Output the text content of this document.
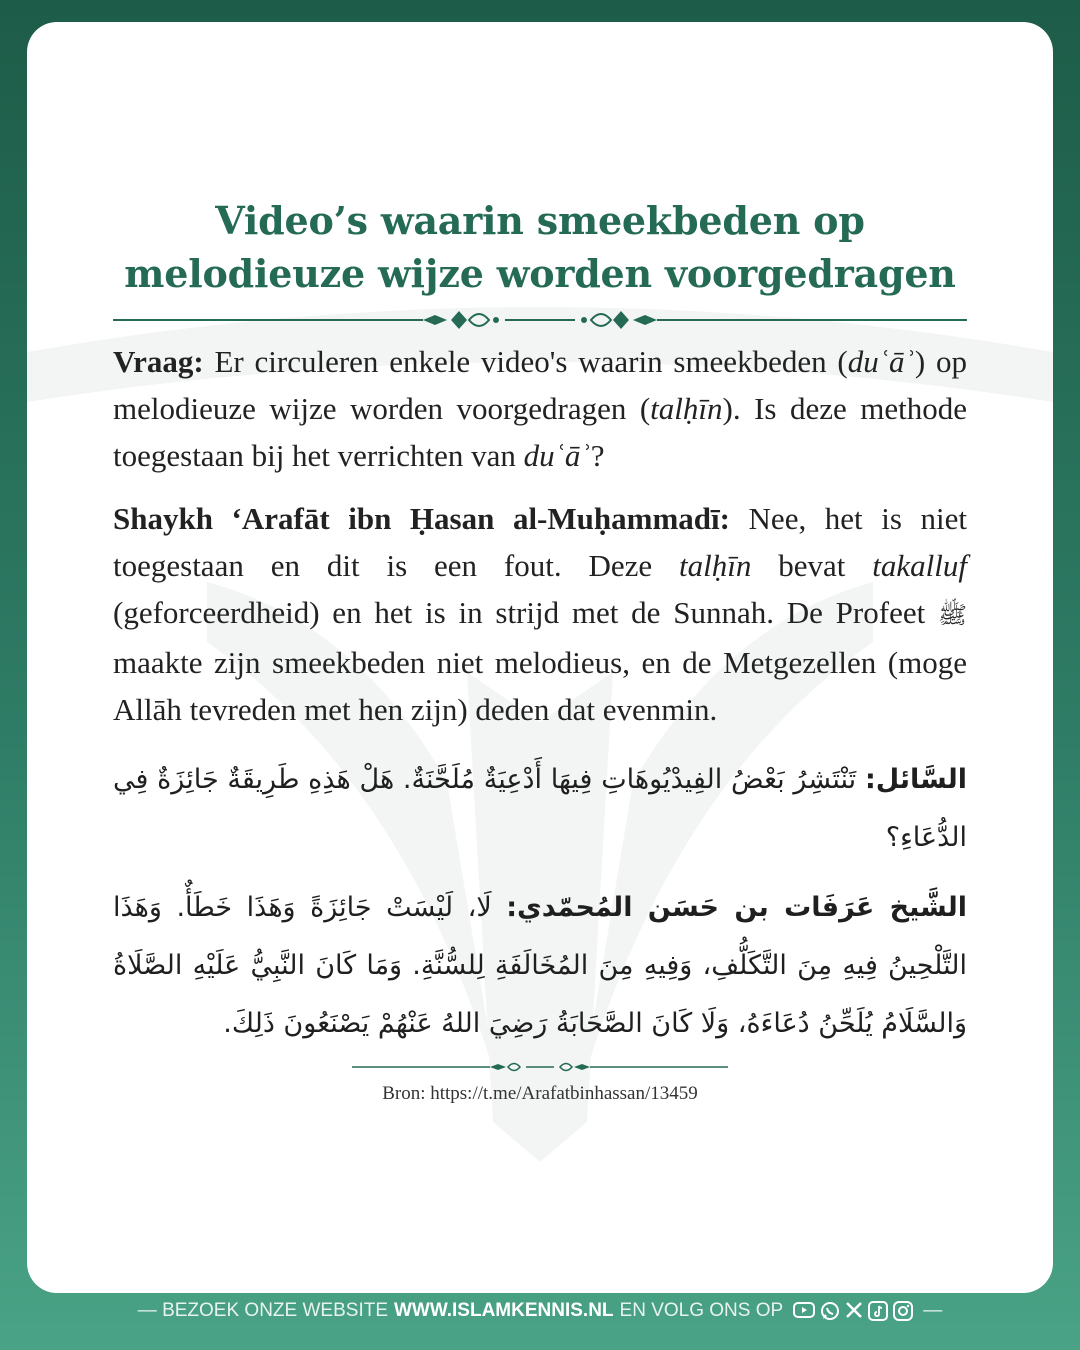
Video’s waarin smeekbeden op
melodieuze wijze worden voorgedragen

Vraag: Er circuleren enkele video's waarin smeekbeden (duʿāʾ) op melodieuze wijze worden voorgedragen (talḥīn). Is deze methode toegestaan bij het verrichten van duʿāʾ?

Shaykh ‘Arafāt ibn Ḥasan al-Muḥammadī: Nee, het is niet toegestaan en dit is een fout. Deze talḥīn bevat takalluf (geforceerdheid) en het is in strijd met de Sunnah. De Profeet ﷺ maakte zijn smeekbeden niet melodieus, en de Metgezellen (moge Allāh tevreden met hen zijn) deden dat evenmin.

السَّائل: تَنْتَشِرُ بَعْضُ الفِيدْيُوهَاتِ فِيهَا أَدْعِيَةٌ مُلَحَّنَةٌ. هَلْ هَذِهِ طَرِيقَةٌ جَائِزَةٌ فِي الدُّعَاءِ؟

الشَّيخ عَرَفَات بن حَسَن المُحمّدي: لَا، لَيْسَتْ جَائِزَةً وَهَذَا خَطَأٌ. وَهَذَا التَّلْحِينُ فِيهِ مِنَ التَّكَلُّفِ، وَفِيهِ مِنَ المُخَالَفَةِ لِلسُّنَّةِ. وَمَا كَانَ النَّبِيُّ عَلَيْهِ الصَّلَاةُ وَالسَّلَامُ يُلَحِّنُ دُعَاءَهُ، وَلَا كَانَ الصَّحَابَةُ رَضِيَ اللهُ عَنْهُمْ يَصْنَعُونَ ذَلِكَ.

Bron: https://t.me/Arafatbinhassan/13459
— BEZOEK ONZE WEBSITE WWW.ISLAMKENNIS.NL EN VOLG ONS OP	—
